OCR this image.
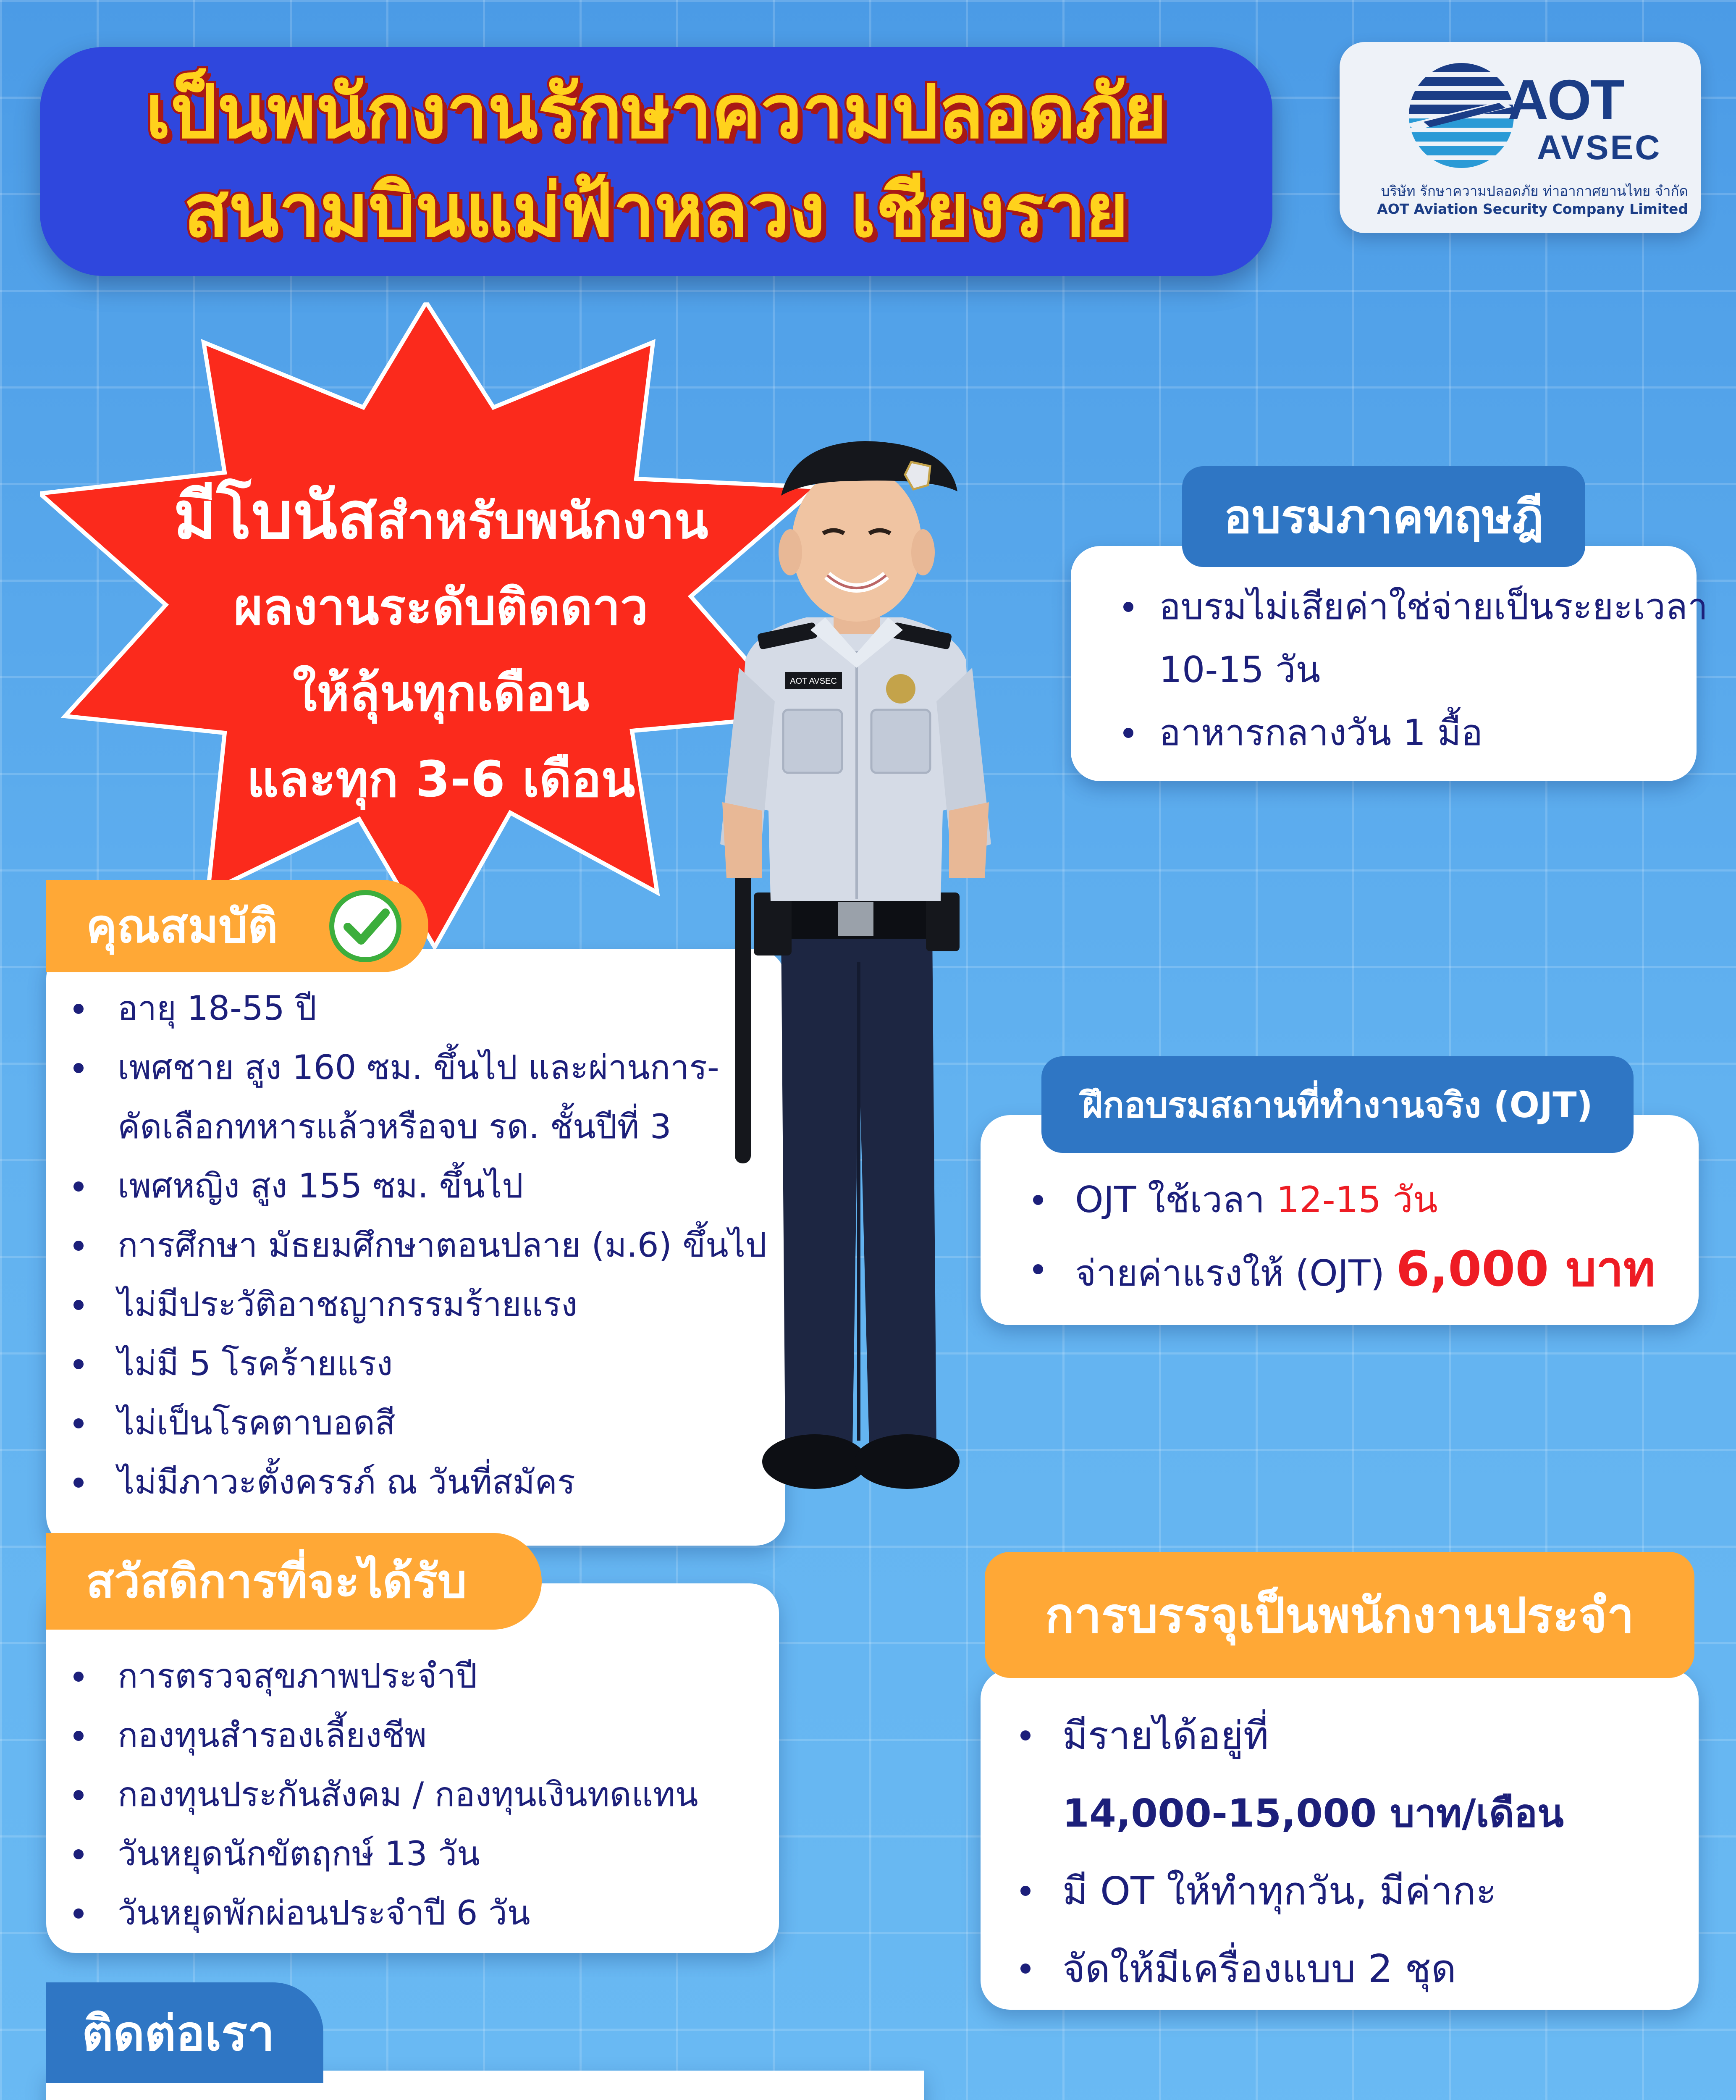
เป็นพนักงานรักษาความปลอดภัย
สนามบินแม่ฟ้าหลวง เชียงราย
AOT
AVSEC
บริษัท รักษาความปลอดภัย ท่าอากาศยานไทย จำกัด
AOT Aviation Security Company Limited
มีโบนัสสำหรับพนักงาน
ผลงานระดับติดดาว
ให้ลุ้นทุกเดือน
และทุก 3-6 เดือน
อบรมภาคทฤษฎี
อบรมไม่เสียค่าใช่จ่ายเป็นระยะเวลา
10-15 วัน
อาหารกลางวัน 1 มื้อ
ฝึกอบรมสถานที่ทำงานจริง (OJT)
OJT ใช้เวลา 12-15 วัน
จ่ายค่าแรงให้ (OJT) 6,000 บาท
คุณสมบัติ
อายุ 18-55 ปี
เพศชาย สูง 160 ซม. ขึ้นไป และผ่านการ-
คัดเลือกทหารแล้วหรือจบ รด. ชั้นปีที่ 3
เพศหญิง สูง 155 ซม. ขึ้นไป
การศึกษา มัธยมศึกษาตอนปลาย (ม.6) ขึ้นไป
ไม่มีประวัติอาชญากรรมร้ายแรง
ไม่มี 5 โรคร้ายแรง
ไม่เป็นโรคตาบอดสี
ไม่มีภาวะตั้งครรภ์ ณ วันที่สมัคร
สวัสดิการที่จะได้รับ
การตรวจสุขภาพประจำปี
กองทุนสำรองเลี้ยงชีพ
กองทุนประกันสังคม / กองทุนเงินทดแทน
วันหยุดนักขัตฤกษ์ 13 วัน
วันหยุดพักผ่อนประจำปี 6 วัน
การบรรจุเป็นพนักงานประจำ
มีรายได้อยู่ที่
14,000-15,000 บาท/เดือน
มี OT ให้ทำทุกวัน, มีค่ากะ
จัดให้มีเครื่องแบบ 2 ชุด
AOT AVSEC
ติดต่อเรา
